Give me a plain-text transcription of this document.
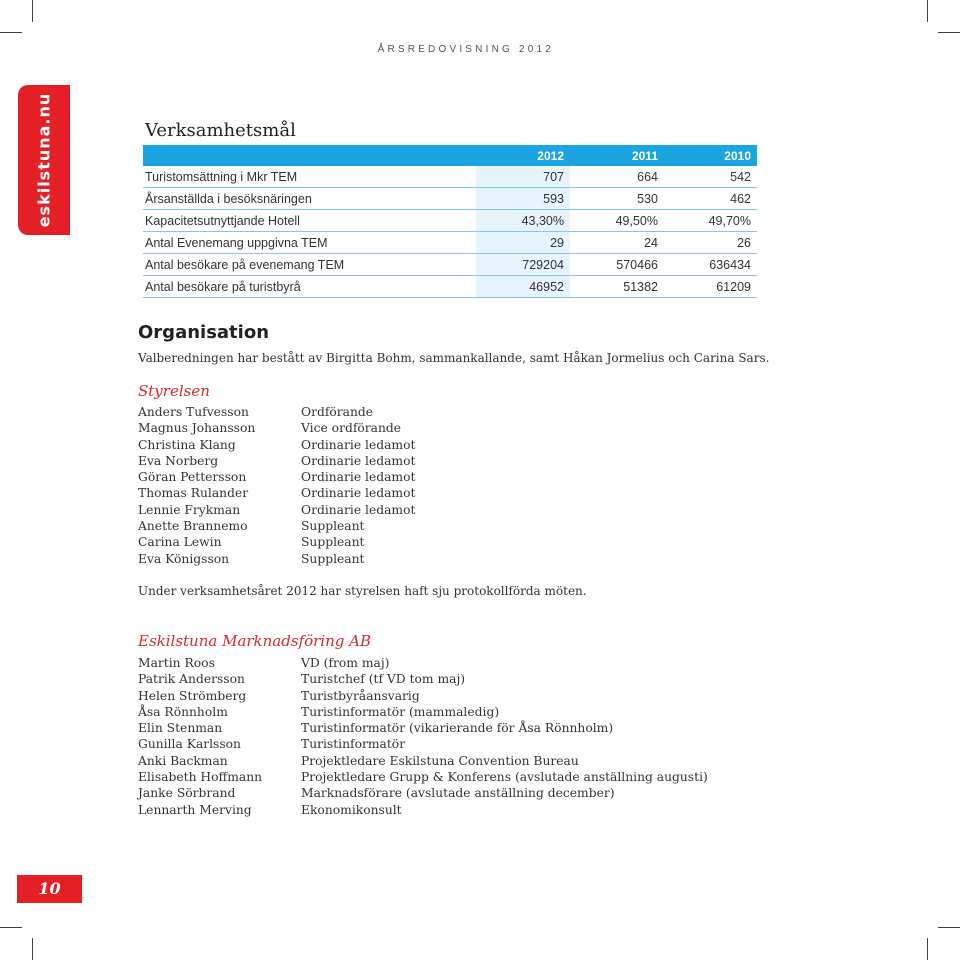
ÅRSREDOVISNING 2012
eskilstuna.nu	Verksamhetsmål
	2012	2011	2010
Turistomsättning i Mkr TEM	707	664	542
Årsanställda i besöksnäringen	593	530	462
Kapacitetsutnyttjande Hotell	43,30%	49,50%	49,70%
Antal Evenemang uppgivna TEM	29	24	26
Antal besökare på evenemang TEM	729204	570466	636434
Antal besökare på turistbyrå	46952	51382	61209
Organisation
Valberedningen har bestått av Birgitta Bohm, sammankallande, samt Håkan Jormelius och Carina Sars.
Styrelsen
Anders Tufvesson	Ordförande
Magnus Johansson	Vice ordförande
Christina Klang	Ordinarie ledamot
Eva Norberg	Ordinarie ledamot
Göran Pettersson	Ordinarie ledamot
Thomas Rulander	Ordinarie ledamot
Lennie Frykman	Ordinarie ledamot
Anette Brannemo	Suppleant
Carina Lewin	Suppleant
Eva Königsson	Suppleant
Under verksamhetsåret 2012 har styrelsen haft sju protokollförda möten.
Eskilstuna Marknadsföring AB
Martin Roos	VD (from maj)
Patrik Andersson	Turistchef (tf VD tom maj)
Helen Strömberg	Turistbyråansvarig
Åsa Rönnholm	Turistinformatör (mammaledig)
Elin Stenman	Turistinformatör (vikarierande för Åsa Rönnholm)
Gunilla Karlsson	Turistinformatör
Anki Backman	Projektledare Eskilstuna Convention Bureau
Elisabeth Hoffmann	Projektledare Grupp & Konferens (avslutade anställning augusti)
Janke Sörbrand	Marknadsförare (avslutade anställning december)
Lennarth Merving	Ekonomikonsult
10
